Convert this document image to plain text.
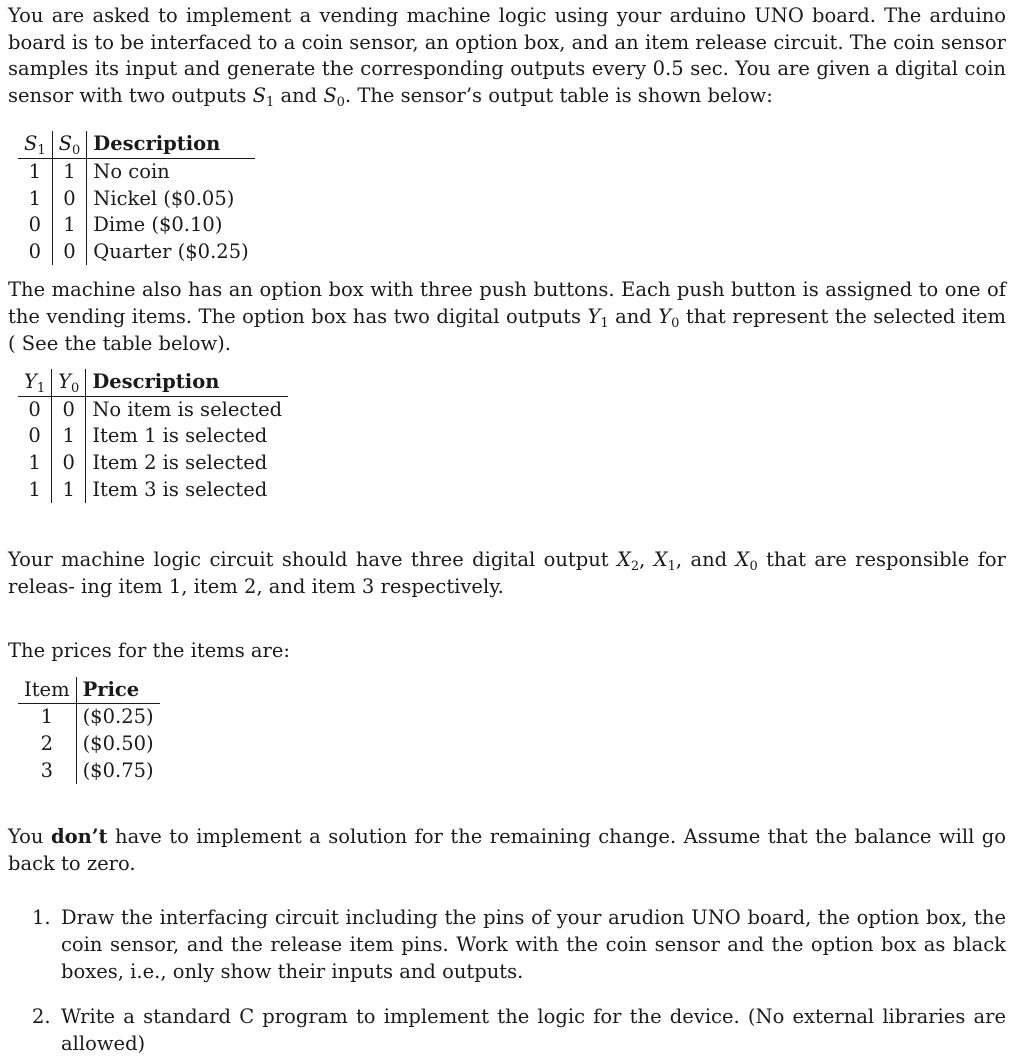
You are asked to implement a vending machine logic using your arduino UNO board. The arduino board is to be interfaced to a coin sensor, an option box, and an item release circuit. The coin sensor samples its input and generate the corresponding outputs every 0.5 sec. You are given a digital coin sensor with two outputs $S_1$ and $S_0$. The sensor’s output table is shown below:

$S_1$	$S_0$	Description
1	1	No coin
1	0	Nickel ($0.05)
0	1	Dime ($0.10)
0	0	Quarter ($0.25)

The machine also has an option box with three push buttons. Each push button is assigned to one of the vending items. The option box has two digital outputs $Y_1$ and $Y_0$ that represent the selected item ( See the table below).

$Y_1$	$Y_0$	Description
0	0	No item is selected
0	1	Item 1 is selected
1	0	Item 2 is selected
1	1	Item 3 is selected

Your machine logic circuit should have three digital output $X_2$, $X_1$, and $X_0$ that are responsible for releas- ing item 1, item 2, and item 3 respectively.

The prices for the items are:

Item	Price
1	($0.25)
2	($0.50)
3	($0.75)

You don’t have to implement a solution for the remaining change. Assume that the balance will go back to zero.

1. Draw the interfacing circuit including the pins of your arudion UNO board, the option box, the coin sensor, and the release item pins. Work with the coin sensor and the option box as black boxes, i.e., only show their inputs and outputs.
2. Write a standard C program to implement the logic for the device. (No external libraries are allowed)
